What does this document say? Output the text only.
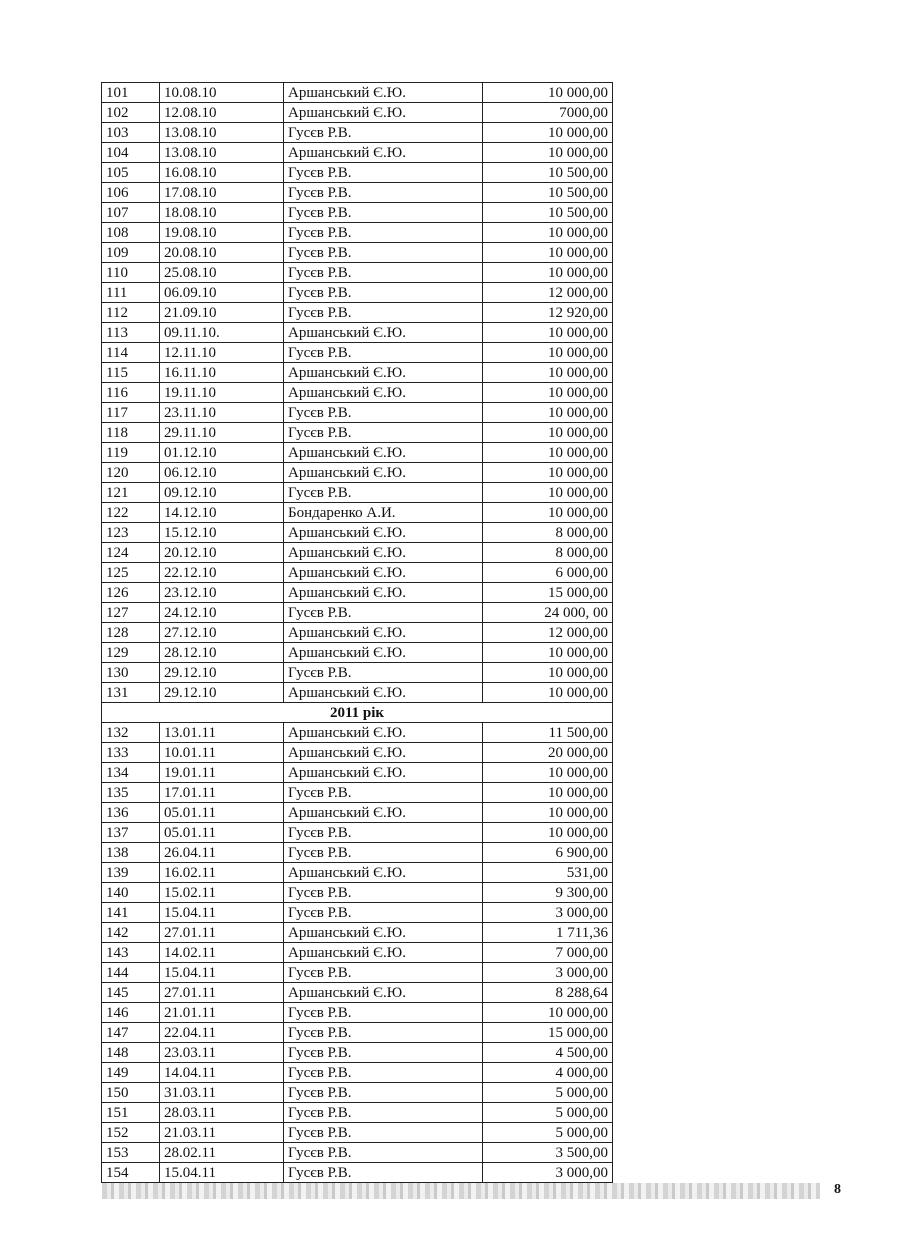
101	10.08.10	Аршанський Є.Ю.	10 000,00
102	12.08.10	Аршанський Є.Ю.	7000,00
103	13.08.10	Гусєв Р.В.	10 000,00
104	13.08.10	Аршанський Є.Ю.	10 000,00
105	16.08.10	Гусєв Р.В.	10 500,00
106	17.08.10	Гусєв Р.В.	10 500,00
107	18.08.10	Гусєв Р.В.	10 500,00
108	19.08.10	Гусєв Р.В.	10 000,00
109	20.08.10	Гусєв Р.В.	10 000,00
110	25.08.10	Гусєв Р.В.	10 000,00
111	06.09.10	Гусєв Р.В.	12 000,00
112	21.09.10	Гусєв Р.В.	12 920,00
113	09.11.10.	Аршанський Є.Ю.	10 000,00
114	12.11.10	Гусєв Р.В.	10 000,00
115	16.11.10	Аршанський Є.Ю.	10 000,00
116	19.11.10	Аршанський Є.Ю.	10 000,00
117	23.11.10	Гусєв Р.В.	10 000,00
118	29.11.10	Гусєв Р.В.	10 000,00
119	01.12.10	Аршанський Є.Ю.	10 000,00
120	06.12.10	Аршанський Є.Ю.	10 000,00
121	09.12.10	Гусєв Р.В.	10 000,00
122	14.12.10	Бондаренко А.И.	10 000,00
123	15.12.10	Аршанський Є.Ю.	8 000,00
124	20.12.10	Аршанський Є.Ю.	8 000,00
125	22.12.10	Аршанський Є.Ю.	6 000,00
126	23.12.10	Аршанський Є.Ю.	15 000,00
127	24.12.10	Гусєв Р.В.	24 000, 00
128	27.12.10	Аршанський Є.Ю.	12 000,00
129	28.12.10	Аршанський Є.Ю.	10 000,00
130	29.12.10	Гусєв Р.В.	10 000,00
131	29.12.10	Аршанський Є.Ю.	10 000,00
2011 рік			
132	13.01.11	Аршанський Є.Ю.	11 500,00
133	10.01.11	Аршанський Є.Ю.	20 000,00
134	19.01.11	Аршанський Є.Ю.	10 000,00
135	17.01.11	Гусєв Р.В.	10 000,00
136	05.01.11	Аршанський Є.Ю.	10 000,00
137	05.01.11	Гусєв Р.В.	10 000,00
138	26.04.11	Гусєв Р.В.	6 900,00
139	16.02.11	Аршанський Є.Ю.	531,00
140	15.02.11	Гусєв Р.В.	9 300,00
141	15.04.11	Гусєв Р.В.	3 000,00
142	27.01.11	Аршанський Є.Ю.	1 711,36
143	14.02.11	Аршанський Є.Ю.	7 000,00
144	15.04.11	Гусєв Р.В.	3 000,00
145	27.01.11	Аршанський Є.Ю.	8 288,64
146	21.01.11	Гусєв Р.В.	10 000,00
147	22.04.11	Гусєв Р.В.	15 000,00
148	23.03.11	Гусєв Р.В.	4 500,00
149	14.04.11	Гусєв Р.В.	4 000,00
150	31.03.11	Гусєв Р.В.	5 000,00
151	28.03.11	Гусєв Р.В.	5 000,00
152	21.03.11	Гусєв Р.В.	5 000,00
153	28.02.11	Гусєв Р.В.	3 500,00
154	15.04.11	Гусєв Р.В.	3 000,00
8
